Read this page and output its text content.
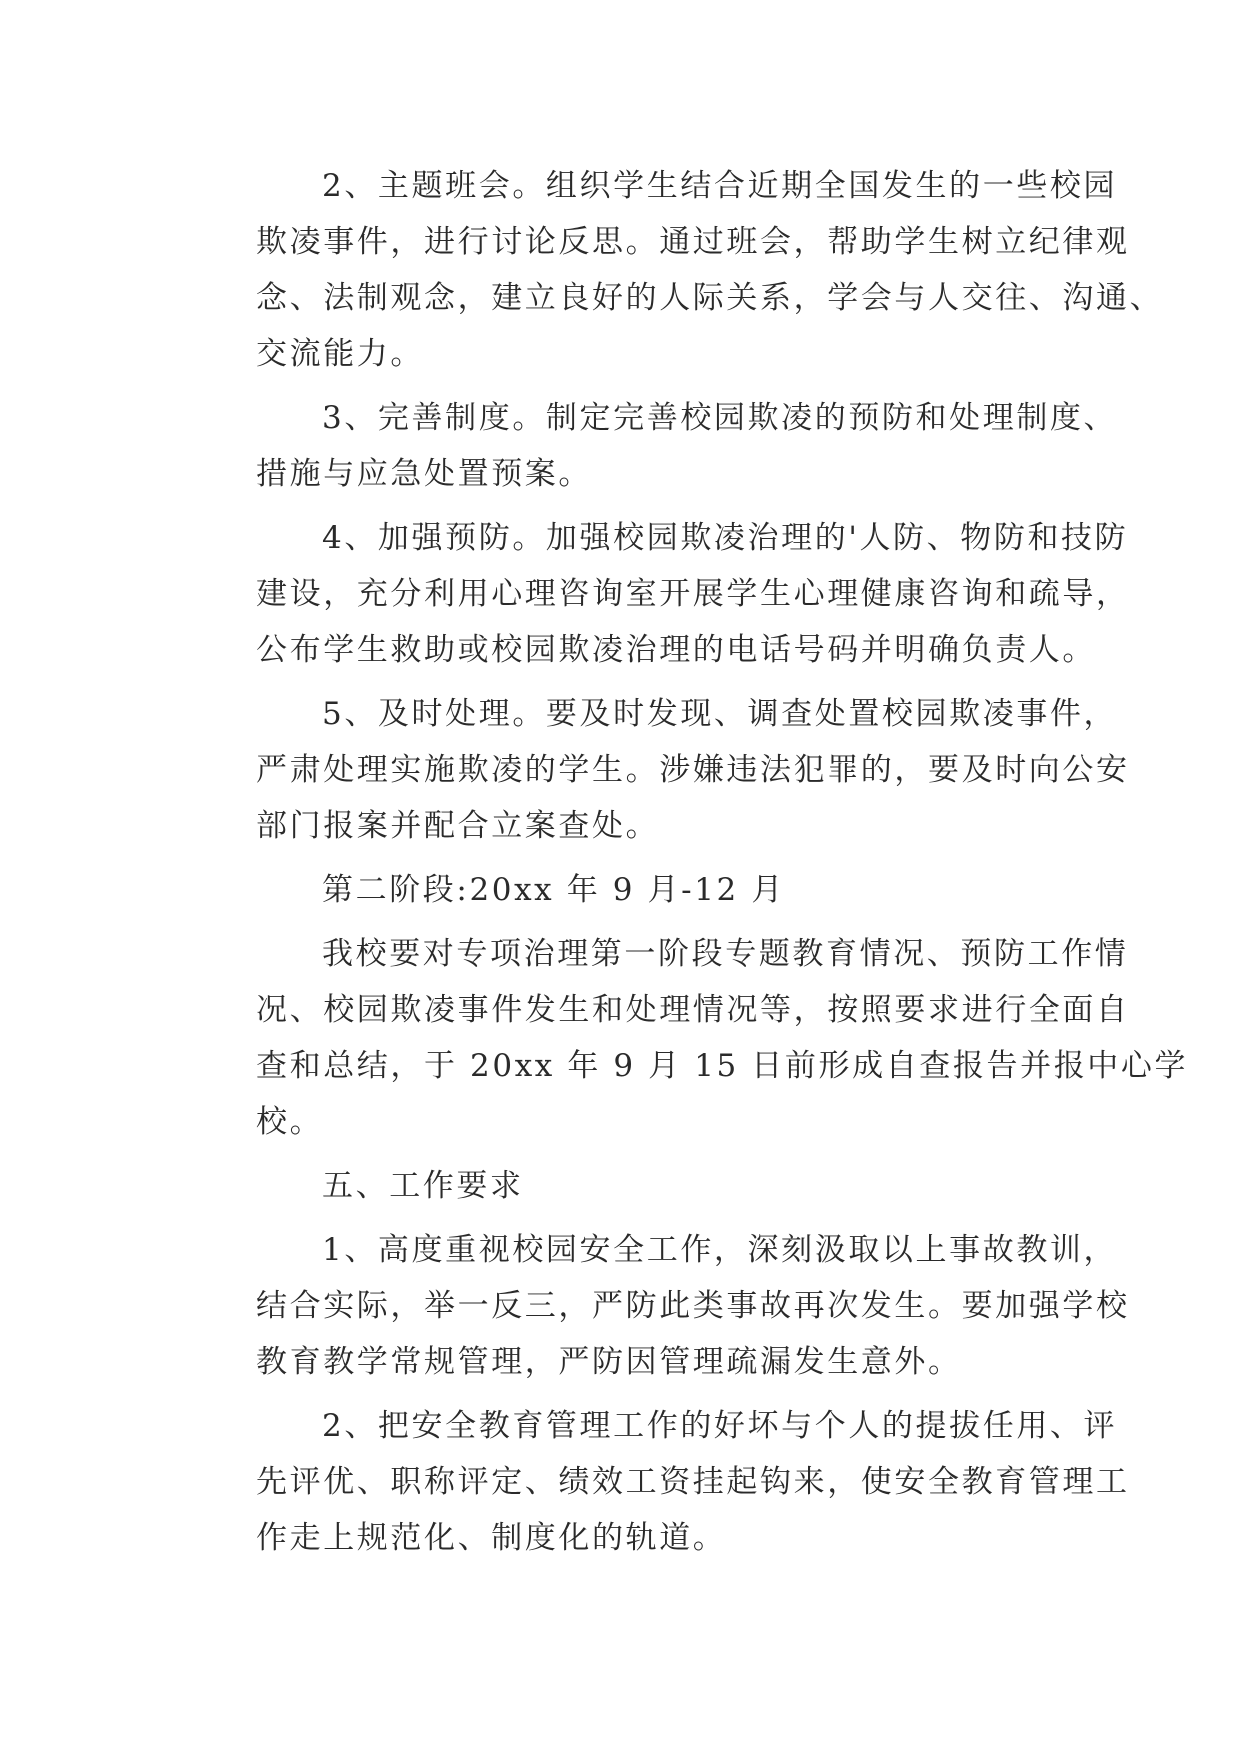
2、主题班会。组织学生结合近期全国发生的一些校园
欺凌事件，进行讨论反思。通过班会，帮助学生树立纪律观
念、法制观念，建立良好的人际关系，学会与人交往、沟通、
交流能力。
3、完善制度。制定完善校园欺凌的预防和处理制度、
措施与应急处置预案。
4、加强预防。加强校园欺凌治理的'人防、物防和技防
建设，充分利用心理咨询室开展学生心理健康咨询和疏导，
公布学生救助或校园欺凌治理的电话号码并明确负责人。
5、及时处理。要及时发现、调查处置校园欺凌事件，
严肃处理实施欺凌的学生。涉嫌违法犯罪的，要及时向公安
部门报案并配合立案查处。
第二阶段:20xx 年 9 月-12 月
我校要对专项治理第一阶段专题教育情况、预防工作情
况、校园欺凌事件发生和处理情况等，按照要求进行全面自
查和总结，于 20xx 年 9 月 15 日前形成自查报告并报中心学
校。
五、工作要求
1、高度重视校园安全工作，深刻汲取以上事故教训，
结合实际，举一反三，严防此类事故再次发生。要加强学校
教育教学常规管理，严防因管理疏漏发生意外。
2、把安全教育管理工作的好坏与个人的提拔任用、评
先评优、职称评定、绩效工资挂起钩来，使安全教育管理工
作走上规范化、制度化的轨道。
